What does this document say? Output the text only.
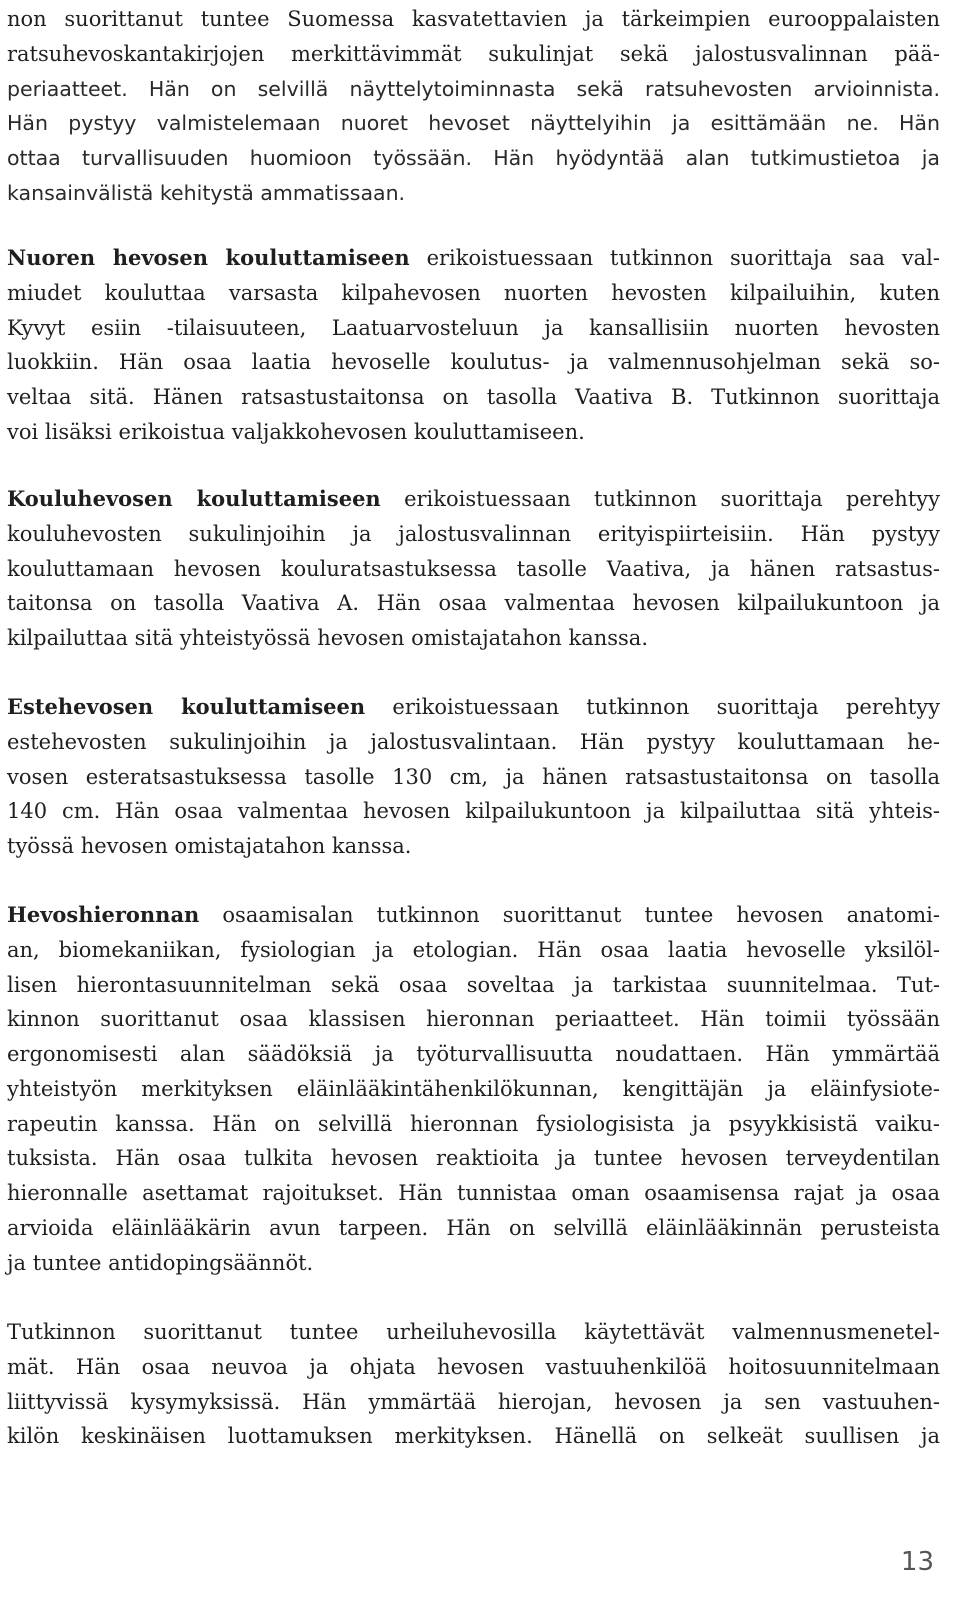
non suorittanut tuntee Suomessa kasvatettavien ja tärkeimpien eurooppalaisten
ratsuhevoskantakirjojen merkittävimmät sukulinjat sekä jalostusvalinnan pää-
periaatteet. Hän on selvillä näyttelytoiminnasta sekä ratsuhevosten arvioinnista.
Hän pystyy valmistelemaan nuoret hevoset näyttelyihin ja esittämään ne. Hän
ottaa turvallisuuden huomioon työssään. Hän hyödyntää alan tutkimustietoa ja
kansainvälistä kehitystä ammatissaan.
Nuoren hevosen kouluttamiseen erikoistuessaan tutkinnon suorittaja saa val-
miudet kouluttaa varsasta kilpahevosen nuorten hevosten kilpailuihin, kuten
Kyvyt esiin -tilaisuuteen, Laatuarvosteluun ja kansallisiin nuorten hevosten
luokkiin. Hän osaa laatia hevoselle koulutus- ja valmennusohjelman sekä so-
veltaa sitä. Hänen ratsastustaitonsa on tasolla Vaativa B. Tutkinnon suorittaja
voi lisäksi erikoistua valjakkohevosen kouluttamiseen.
Kouluhevosen kouluttamiseen erikoistuessaan tutkinnon suorittaja perehtyy
kouluhevosten sukulinjoihin ja jalostusvalinnan erityispiirteisiin. Hän pystyy
kouluttamaan hevosen kouluratsastuksessa tasolle Vaativa, ja hänen ratsastus-
taitonsa on tasolla Vaativa A. Hän osaa valmentaa hevosen kilpailukuntoon ja
kilpailuttaa sitä yhteistyössä hevosen omistajatahon kanssa.
Estehevosen kouluttamiseen erikoistuessaan tutkinnon suorittaja perehtyy
estehevosten sukulinjoihin ja jalostusvalintaan. Hän pystyy kouluttamaan he-
vosen esteratsastuksessa tasolle 130 cm, ja hänen ratsastustaitonsa on tasolla
140 cm. Hän osaa valmentaa hevosen kilpailukuntoon ja kilpailuttaa sitä yhteis-
työssä hevosen omistajatahon kanssa.
Hevoshieronnan osaamisalan tutkinnon suorittanut tuntee hevosen anatomi-
an, biomekaniikan, fysiologian ja etologian. Hän osaa laatia hevoselle yksilöl-
lisen hierontasuunnitelman sekä osaa soveltaa ja tarkistaa suunnitelmaa. Tut-
kinnon suorittanut osaa klassisen hieronnan periaatteet. Hän toimii työssään
ergonomisesti alan säädöksiä ja työturvallisuutta noudattaen. Hän ymmärtää
yhteistyön merkityksen eläinlääkintähenkilökunnan, kengittäjän ja eläinfysiote-
rapeutin kanssa. Hän on selvillä hieronnan fysiologisista ja psyykkisistä vaiku-
tuksista. Hän osaa tulkita hevosen reaktioita ja tuntee hevosen terveydentilan
hieronnalle asettamat rajoitukset. Hän tunnistaa oman osaamisensa rajat ja osaa
arvioida eläinlääkärin avun tarpeen. Hän on selvillä eläinlääkinnän perusteista
ja tuntee antidopingsäännöt.
Tutkinnon suorittanut tuntee urheiluhevosilla käytettävät valmennusmenetel-
mät. Hän osaa neuvoa ja ohjata hevosen vastuuhenkilöä hoitosuunnitelmaan
liittyvissä kysymyksissä. Hän ymmärtää hierojan, hevosen ja sen vastuuhen-
kilön keskinäisen luottamuksen merkityksen. Hänellä on selkeät suullisen ja
13
